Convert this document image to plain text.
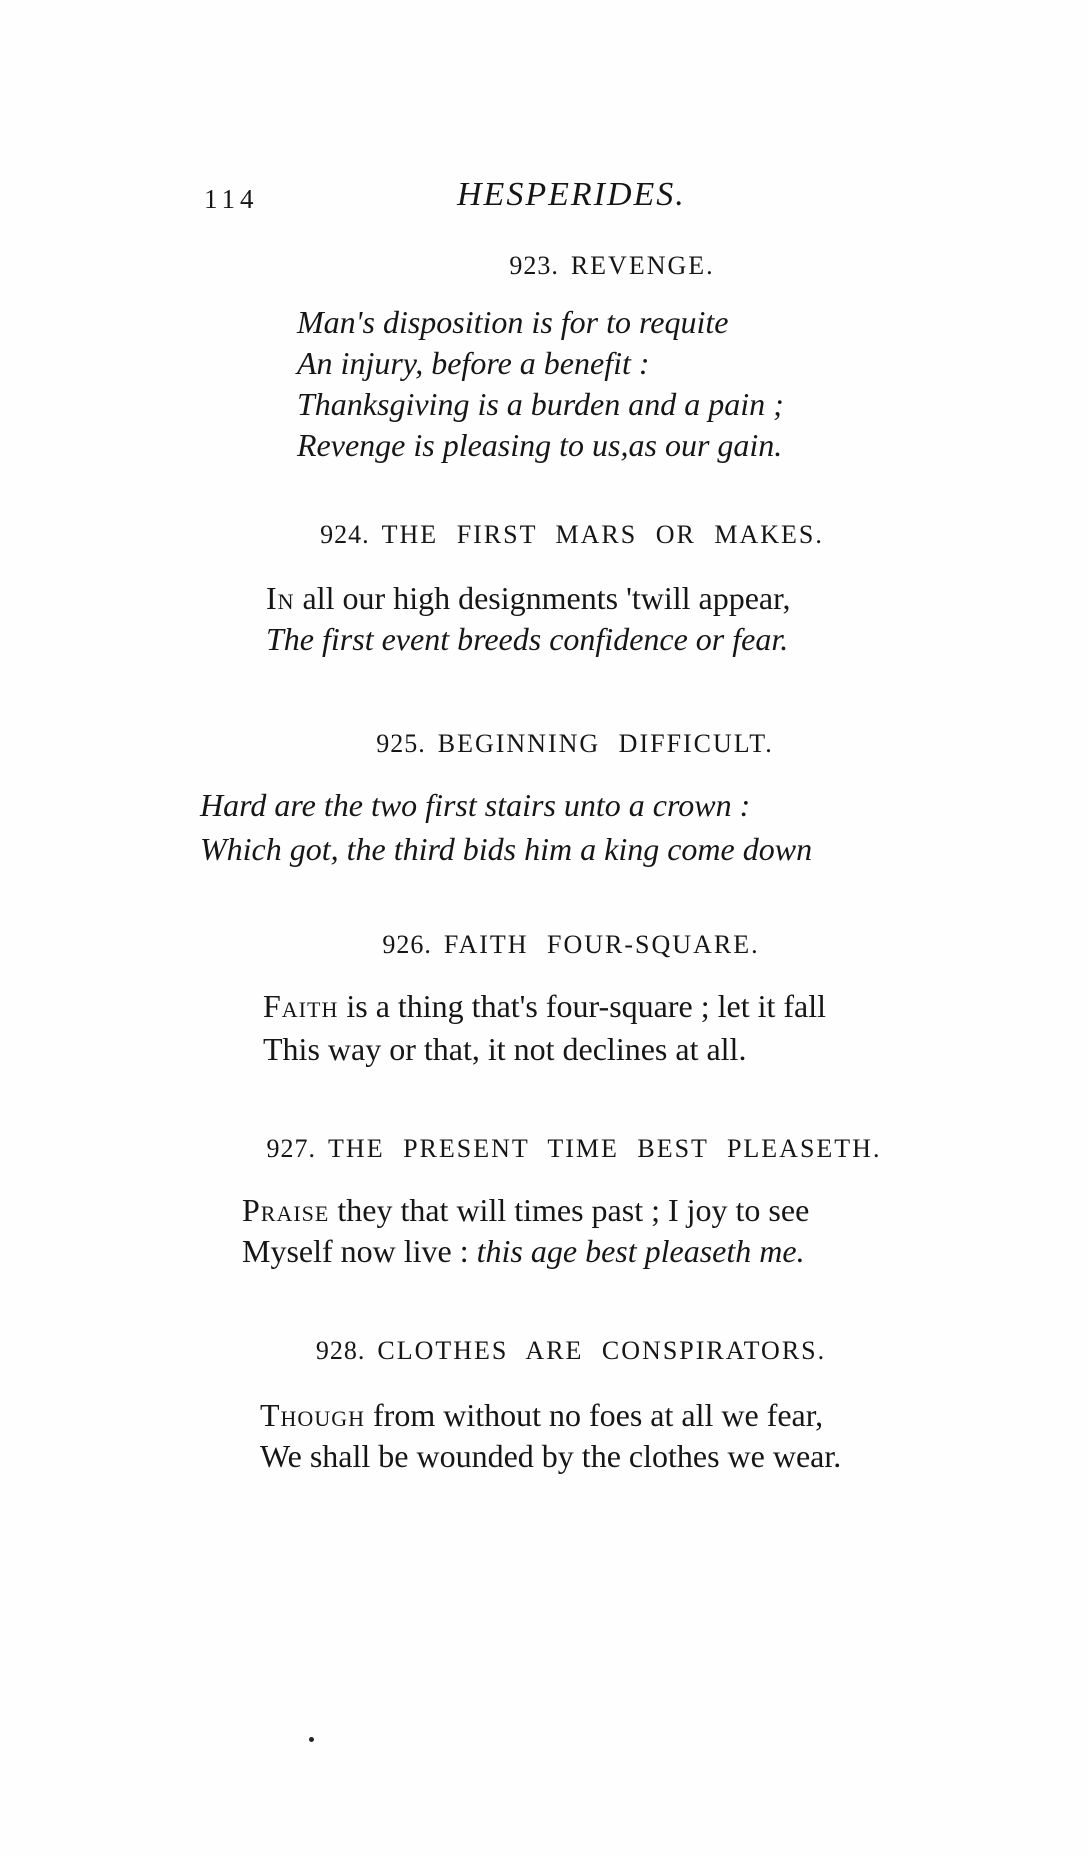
114	HESPERIDES.
923. REVENGE.
Man's disposition is for to requite
An injury, before a benefit :
Thanksgiving is a burden and a pain ;
Revenge is pleasing to us,as our gain.
924. THE FIRST MARS OR MAKES.
In all our high designments 'twill appear,
The first event breeds confidence or fear.
925. BEGINNING DIFFICULT.
Hard are the two first stairs unto a crown :
Which got, the third bids him a king come down
926. FAITH FOUR-SQUARE.
Faith is a thing that's four-square ; let it fall
This way or that, it not declines at all.
927. THE PRESENT TIME BEST PLEASETH.
Praise they that will times past ; I joy to see
Myself now live : this age best pleaseth me.
928. CLOTHES ARE CONSPIRATORS.
Though from without no foes at all we fear,
We shall be wounded by the clothes we wear.
